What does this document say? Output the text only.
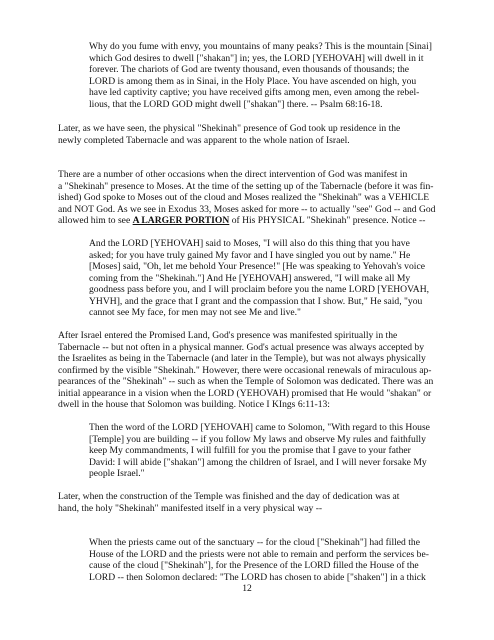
Why do you fume with envy, you mountains of many peaks? This is the mountain [Sinai]
which God desires to dwell ["shakan"] in; yes, the LORD [YEHOVAH] will dwell in it
forever. The chariots of God are twenty thousand, even thousands of thousands; the
LORD is among them as in Sinai, in the Holy Place. You have ascended on high, you
have led captivity captive; you have received gifts among men, even among the rebel-
lious, that the LORD GOD might dwell ["shakan"] there. -- Psalm 68:16-18.
Later, as we have seen, the physical "Shekinah" presence of God took up residence in the
newly completed Tabernacle and was apparent to the whole nation of Israel.
There are a number of other occasions when the direct intervention of God was manifest in
a "Shekinah" presence to Moses. At the time of the setting up of the Tabernacle (before it was fin-
ished) God spoke to Moses out of the cloud and Moses realized the "Shekinah" was a VEHICLE
and NOT God. As we see in Exodus 33, Moses asked for more -- to actually "see" God -- and God
allowed him to see A LARGER PORTION of His PHYSICAL "Shekinah" presence. Notice --
And the LORD [YEHOVAH] said to Moses, "I will also do this thing that you have
asked; for you have truly gained My favor and I have singled you out by name." He
[Moses] said, "Oh, let me behold Your Presence!" [He was speaking to Yehovah's voice
coming from the "Shekinah."] And He [YEHOVAH] answered, "I will make all My
goodness pass before you, and I will proclaim before you the name LORD [YEHOVAH,
YHVH], and the grace that I grant and the compassion that I show. But," He said, "you
cannot see My face, for men may not see Me and live."
After Israel entered the Promised Land, God's presence was manifested spiritually in the
Tabernacle -- but not often in a physical manner. God's actual presence was always accepted by
the Israelites as being in the Tabernacle (and later in the Temple), but was not always physically
confirmed by the visible "Shekinah." However, there were occasional renewals of miraculous ap-
pearances of the "Shekinah" -- such as when the Temple of Solomon was dedicated. There was an
initial appearance in a vision when the LORD (YEHOVAH) promised that He would "shakan" or
dwell in the house that Solomon was building. Notice I KIngs 6:11-13:
Then the word of the LORD [YEHOVAH] came to Solomon, "With regard to this House
[Temple] you are building -- if you follow My laws and observe My rules and faithfully
keep My commandments, I will fulfill for you the promise that I gave to your father
David: I will abide ["shakan"] among the children of Israel, and I will never forsake My
people Israel."
Later, when the construction of the Temple was finished and the day of dedication was at
hand, the holy "Shekinah" manifested itself in a very physical way --
When the priests came out of the sanctuary -- for the cloud ["Shekinah"] had filled the
House of the LORD and the priests were not able to remain and perform the services be-
cause of the cloud ["Shekinah"], for the Presence of the LORD filled the House of the
LORD -- then Solomon declared: "The LORD has chosen to abide ["shaken"] in a thick
12
